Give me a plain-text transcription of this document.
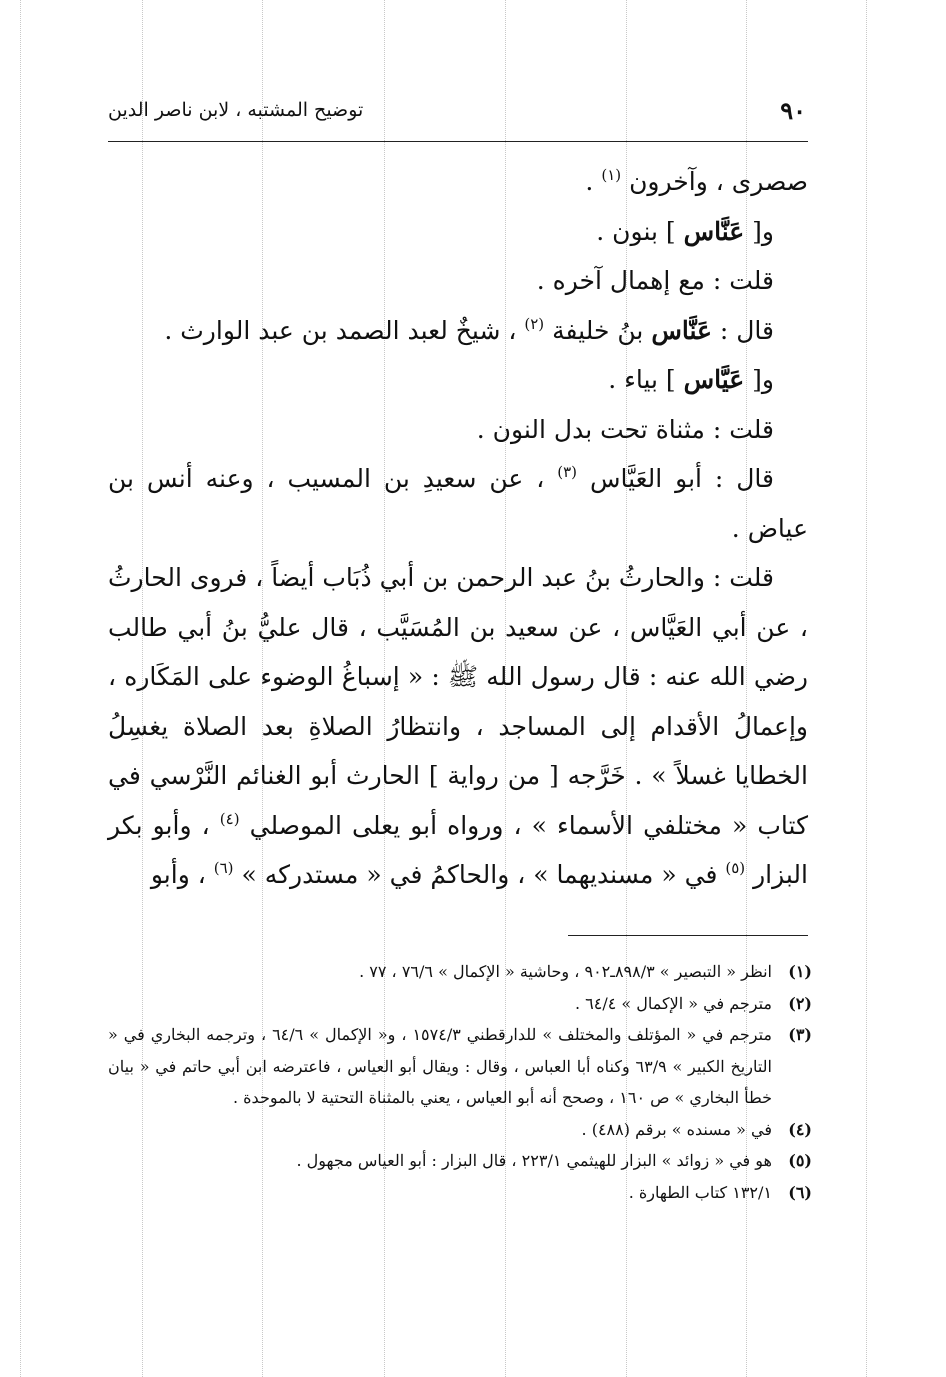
٩٠
توضيح المشتبه ، لابن ناصر الدين

صصرى ، وآخرون $^{(١)}$ .

و[ عَنَّاس ] بنون .

قلت : مع إهمال آخره .

قال : عَنَّاس بنُ خليفة $^{(٢)}$ ، شيخٌ لعبد الصمد بن عبد الوارث .

و[ عَيَّاس ] بياء .

قلت : مثناة تحت بدل النون .

قال : أبو العَيَّاس $^{(٣)}$ ، عن سعيدِ بن المسيب ، وعنه أنس بن عياض .

قلت : والحارثُ بنُ عبد الرحمن بن أبي ذُبَاب أيضاً ، فروى الحارثُ ، عن أبي العَيَّاس ، عن سعيد بن المُسَيَّب ، قال عليُّ بنُ أبي طالب رضي الله عنه : قال رسول الله ﷺ : « إسباغُ الوضوء على المَكَاره ، وإعمالُ الأقدام إلى المساجد ، وانتظارُ الصلاةِ بعد الصلاة يغسِلُ الخطايا غسلاً » . خَرَّجه [ من رواية ] الحارث أبو الغنائم النَّرْسي في كتاب « مختلفي الأسماء » ، ورواه أبو يعلى الموصلي $^{(٤)}$ ، وأبو بكر البزار $^{(٥)}$ في « مسنديهما » ، والحاكمُ في « مستدركه » $^{(٦)}$ ، وأبو

(١)
انظر « التبصير » ٨٩٨/٣ـ٩٠٢ ، وحاشية « الإكمال » ٧٦/٦ ، ٧٧ .
(٢)
مترجم في « الإكمال » ٦٤/٤ .
(٣)
مترجم في « المؤتلف والمختلف » للدارقطني ١٥٧٤/٣ ، و« الإكمال » ٦٤/٦ ، وترجمه البخاري في « التاريخ الكبير » ٦٣/٩ وكناه أبا العباس ، وقال : ويقال أبو العياس ، فاعترضه ابن أبي حاتم في « بيان خطأ البخاري » ص ١٦٠ ، وصحح أنه أبو العياس ، يعني بالمثناة التحتية لا بالموحدة .
(٤)
في « مسنده » برقم (٤٨٨) .
(٥)
هو في « زوائد » البزار للهيثمي ٢٢٣/١ ، قال البزار : أبو العياس مجهول .
(٦)
١٣٢/١ كتاب الطهارة .
